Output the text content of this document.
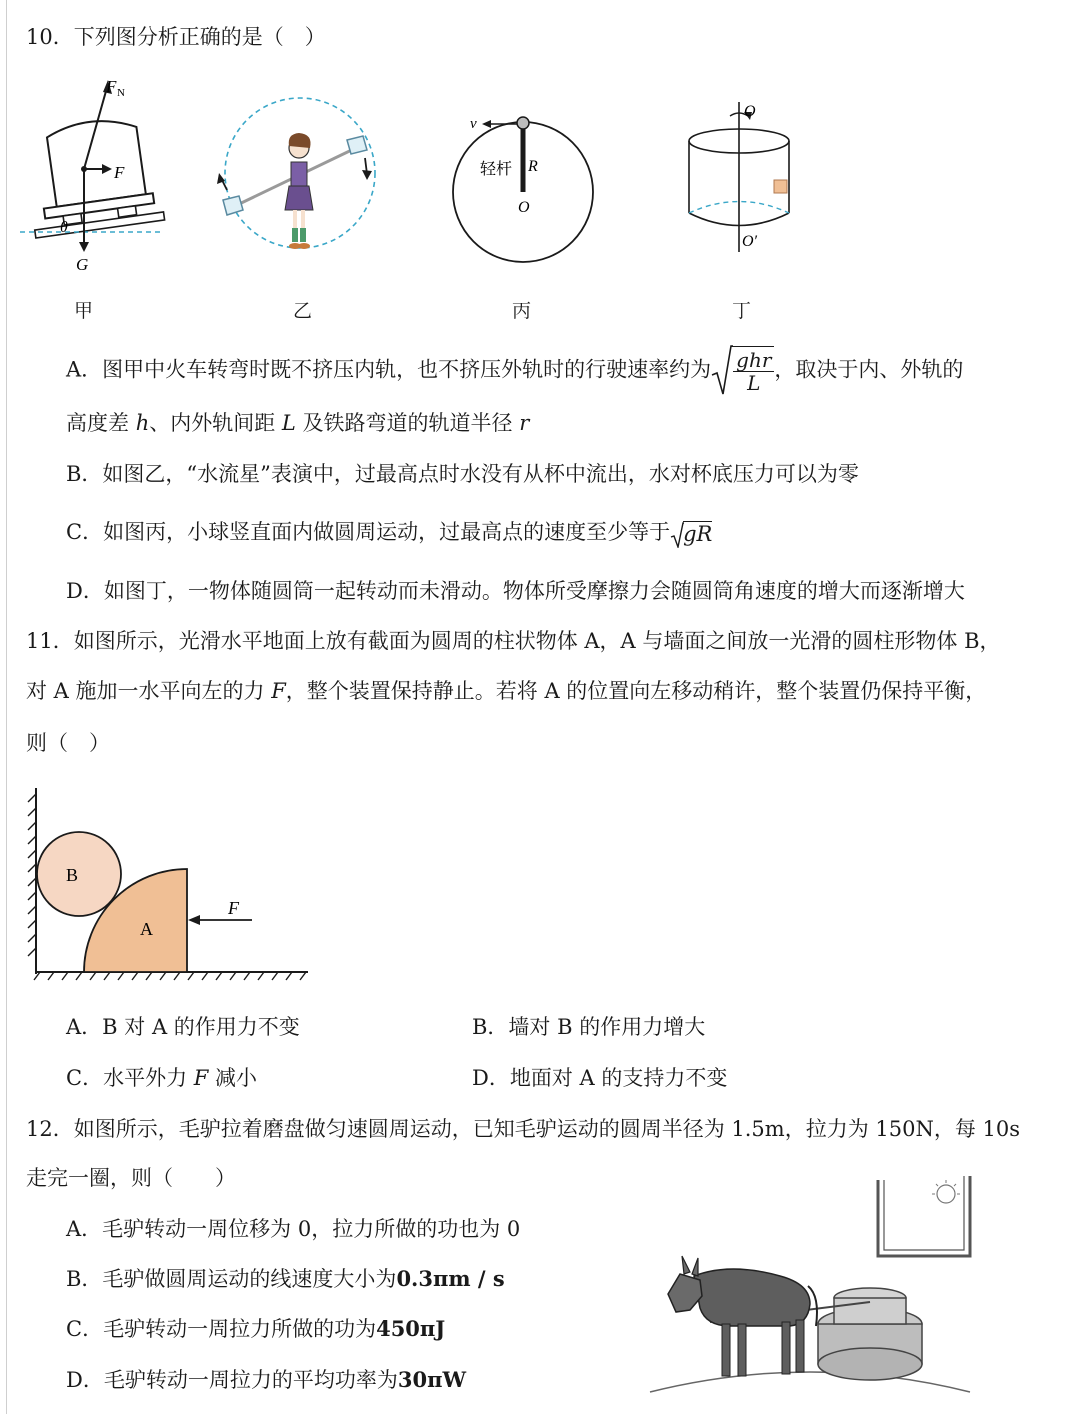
10．下列图分析正确的是（　）
F N
F
θ
G
v
轻杆 R
O
O
O′
甲	乙	丙	丁
A．图甲中火车转弯时既不挤压内轨，也不挤压外轨时的行驶速率约为 $\frac{\text{ghr}}{L}$ ，取决于内、外轨的
高度差 h、内外轨间距 L 及铁路弯道的轨道半径 r
B．如图乙，“水流星”表演中，过最高点时水没有从杯中流出，水对杯底压力可以为零
C．如图丙，小球竖直面内做圆周运动，过最高点的速度至少等于 gR
D．如图丁，一物体随圆筒一起转动而未滑动。物体所受摩擦力会随圆筒角速度的增大而逐渐增大
11．如图所示，光滑水平地面上放有截面为圆周的柱状物体 A，A 与墙面之间放一光滑的圆柱形物体 B，
对 A 施加一水平向左的力 F，整个装置保持静止。若将 A 的位置向左移动稍许，整个装置仍保持平衡，
则（　）
B
A
F
A．B 对 A 的作用力不变	B．墙对 B 的作用力增大
C．水平外力 F 减小	D．地面对 A 的支持力不变
12．如图所示，毛驴拉着磨盘做匀速圆周运动，已知毛驴运动的圆周半径为 1.5m，拉力为 150N，每 10s
走完一圈，则（　　）
A．毛驴转动一周位移为 0，拉力所做的功也为 0
B．毛驴做圆周运动的线速度大小为0.3πm / s
C．毛驴转动一周拉力所做的功为450πJ
D．毛驴转动一周拉力的平均功率为30πW
